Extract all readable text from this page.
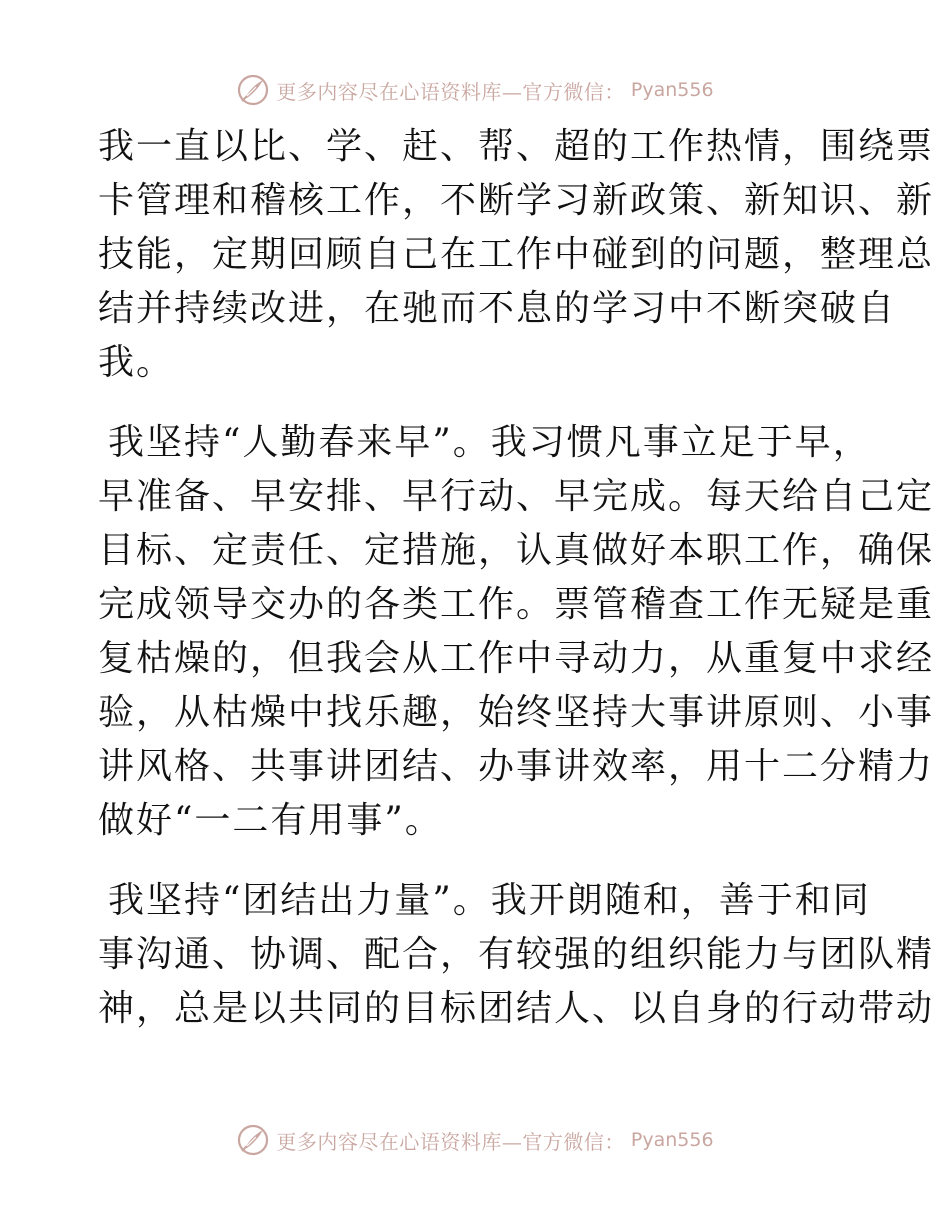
更多内容尽在心语资料库—官方微信： Pyan556
我一直以比、学、赶、帮、超的工作热情，围绕票
卡管理和稽核工作，不断学习新政策、新知识、新
技能，定期回顾自己在工作中碰到的问题，整理总
结并持续改进，在驰而不息的学习中不断突破自
我。
我坚持“人勤春来早”。我习惯凡事立足于早，
早准备、早安排、早行动、早完成。每天给自己定
目标、定责任、定措施，认真做好本职工作，确保
完成领导交办的各类工作。票管稽查工作无疑是重
复枯燥的，但我会从工作中寻动力，从重复中求经
验，从枯燥中找乐趣，始终坚持大事讲原则、小事
讲风格、共事讲团结、办事讲效率，用十二分精力
做好“一二有用事”。
我坚持“团结出力量”。我开朗随和，善于和同
事沟通、协调、配合，有较强的组织能力与团队精
神，总是以共同的目标团结人、以自身的行动带动
更多内容尽在心语资料库—官方微信： Pyan556
